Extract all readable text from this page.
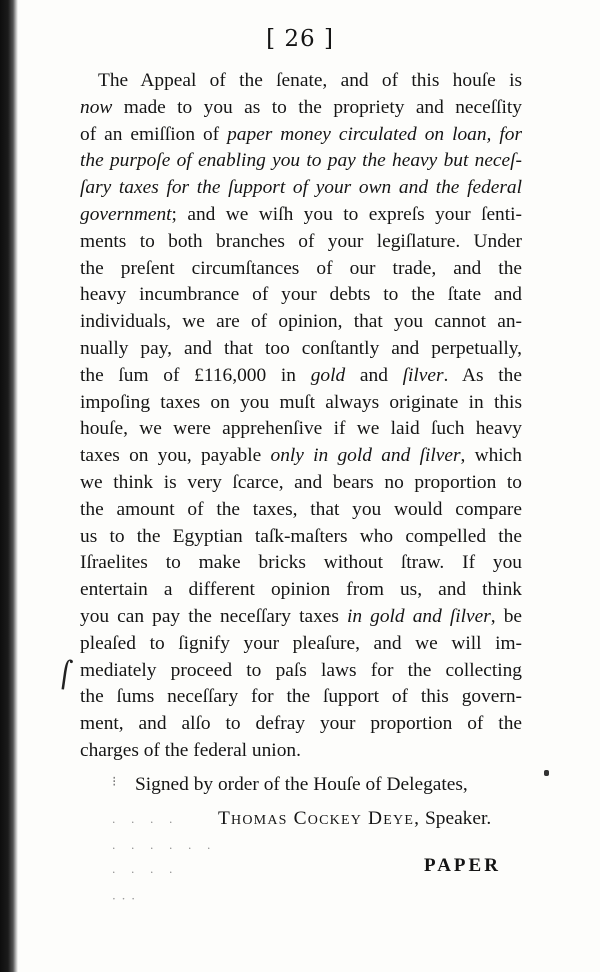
[ 26 ]
The Appeal of the ſenate, and of this houſe is
now made to you as to the propriety and neceſſity
of an emiſſion of paper money circulated on loan, for
the purpoſe of enabling you to pay the heavy but neceſ-
ſary taxes for the ſupport of your own and the federal
government; and we wiſh you to expreſs your ſenti-
ments to both branches of your legiſlature. Under
the preſent circumſtances of our trade, and the
heavy incumbrance of your debts to the ſtate and
individuals, we are of opinion, that you cannot an-
nually pay, and that too conſtantly and perpetually,
the ſum of £116,000 in gold and ſilver. As the
impoſing taxes on you muſt always originate in this
houſe, we were apprehenſive if we laid ſuch heavy
taxes on you, payable only in gold and ſilver, which
we think is very ſcarce, and bears no proportion to
the amount of the taxes, that you would compare
us to the Egyptian taſk-maſters who compelled the
Iſraelites to make bricks without ſtraw. If you
entertain a different opinion from us, and think
you can pay the neceſſary taxes in gold and ſilver, be
pleaſed to ſignify your pleaſure, and we will im-
mediately proceed to paſs laws for the collecting
the ſums neceſſary for the ſupport of this govern-
ment, and alſo to defray your proportion of the
charges of the federal union.
⌠
⁝ Signed by order of the Houſe of Delegates,
· · · ·
· · · · · ·
· · · ·
Thomas Cockey Deye, Speaker.
PAPER
· · ·
